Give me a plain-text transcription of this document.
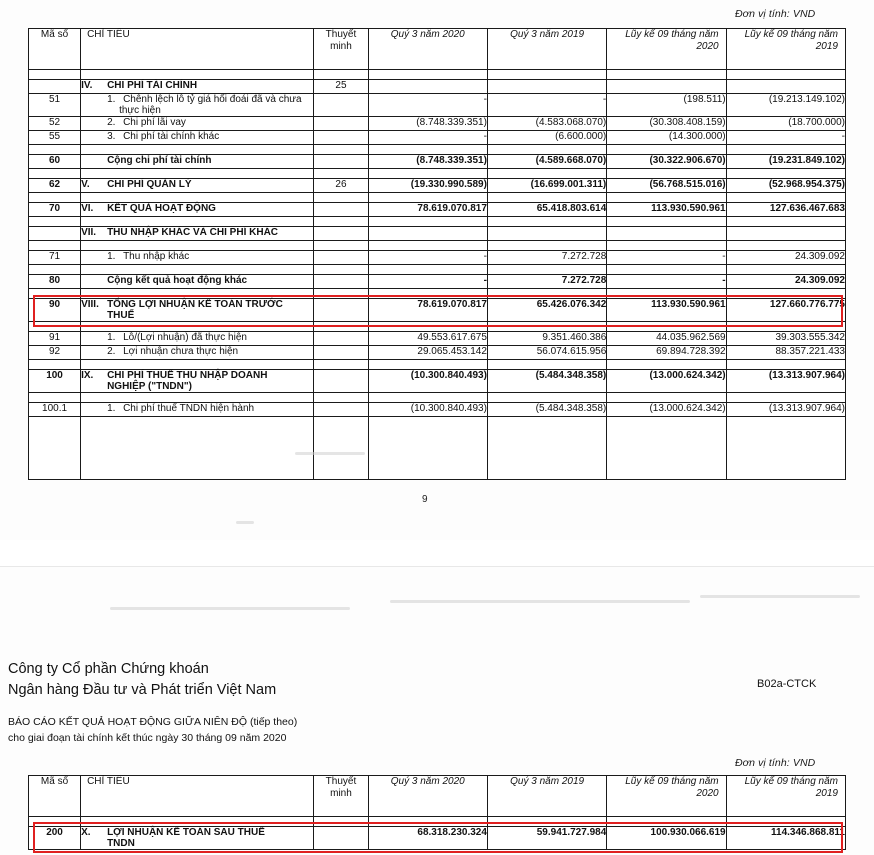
Đơn vị tính: VND
Mã số	CHỈ TIÊU	Thuyết
minh	Quý 3 năm 2020	Quý 3 năm 2019	Lũy kế 09 tháng năm
2020	Lũy kế 09 tháng năm
2019

	IV. CHI PHÍ TÀI CHÍNH	25				
51	1. Chênh lệch lỗ tỷ giá hối đoái đã và chưa
thực hiện		-	-	(198.511)	(19.213.149.102)
52	2. Chi phí lãi vay		(8.748.339.351)	(4.583.068.070)	(30.308.408.159)	(18.700.000)
55	3. Chi phí tài chính khác		-	(6.600.000)	(14.300.000)	-

60	Cộng chi phí tài chính		(8.748.339.351)	(4.589.668.070)	(30.322.906.670)	(19.231.849.102)

62	V. CHI PHÍ QUẢN LÝ	26	(19.330.990.589)	(16.699.001.311)	(56.768.515.016)	(52.968.954.375)

70	VI. KẾT QUẢ HOẠT ĐỘNG		78.619.070.817	65.418.803.614	113.930.590.961	127.636.467.683

	VII. THU NHẬP KHÁC VÀ CHI PHÍ KHÁC					

71	1. Thu nhập khác		-	7.272.728	-	24.309.092

80	Cộng kết quả hoạt động khác		-	7.272.728	-	24.309.092

90	VIII. TỔNG LỢI NHUẬN KẾ TOÁN TRƯỚC
THUẾ		78.619.070.817	65.426.076.342	113.930.590.961	127.660.776.775

91	1. Lỗ/(Lợi nhuận) đã thực hiện		49.553.617.675	9.351.460.386	44.035.962.569	39.303.555.342
92	2. Lợi nhuận chưa thực hiện		29.065.453.142	56.074.615.956	69.894.728.392	88.357.221.433

100	IX. CHI PHÍ THUẾ THU NHẬP DOANH
NGHIỆP ("TNDN")		(10.300.840.493)	(5.484.348.358)	(13.000.624.342)	(13.313.907.964)

100.1	1. Chi phí thuế TNDN hiện hành		(10.300.840.493)	(5.484.348.358)	(13.000.624.342)	(13.313.907.964)

9
Công ty Cổ phần Chứng khoán
Ngân hàng Đầu tư và Phát triển Việt Nam	B02a-CTCK
BÁO CÁO KẾT QUẢ HOẠT ĐỘNG GIỮA NIÊN ĐỘ (tiếp theo)
cho giai đoạn tài chính kết thúc ngày 30 tháng 09 năm 2020
Đơn vị tính: VND
Mã số	CHỈ TIÊU	Thuyết
minh	Quý 3 năm 2020	Quý 3 năm 2019	Lũy kế 09 tháng năm
2020	Lũy kế 09 tháng năm
2019

200	X. LỢI NHUẬN KẾ TOÁN SAU THUẾ
TNDN		68.318.230.324	59.941.727.984	100.930.066.619	114.346.868.811
